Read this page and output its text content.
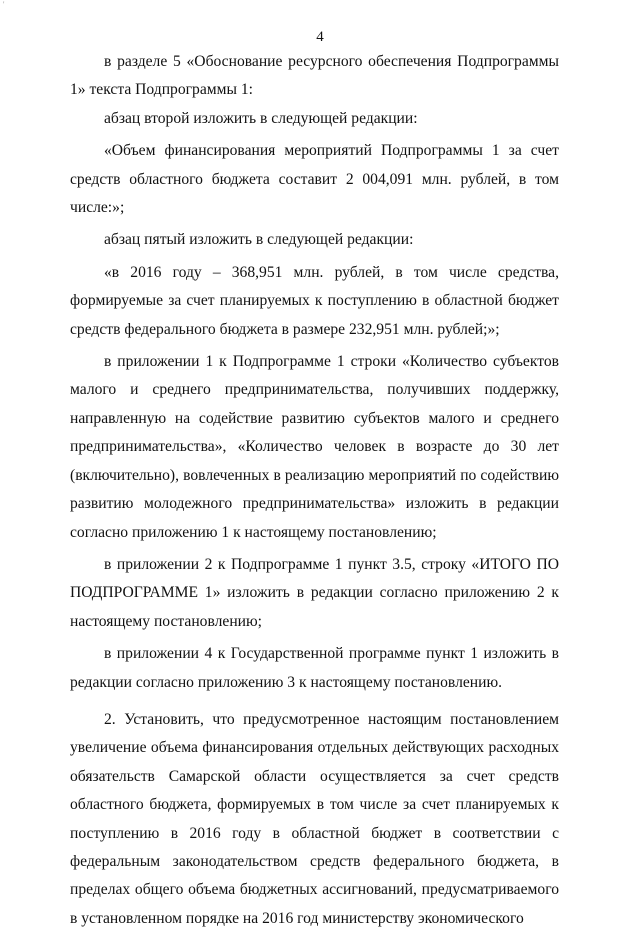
'
4

в разделе 5 «Обоснование ресурсного обеспечения Подпрограммы 1» текста Подпрограммы 1:

абзац второй изложить в следующей редакции:

«Объем финансирования мероприятий Подпрограммы 1 за счет средств областного бюджета составит 2 004,091 млн. рублей, в том числе:»;

абзац пятый изложить в следующей редакции:

«в 2016 году – 368,951 млн. рублей, в том числе средства, формируемые за счет планируемых к поступлению в областной бюджет средств федерального бюджета в размере 232,951 млн. рублей;»;

в приложении 1 к Подпрограмме 1 строки «Количество субъектов малого и среднего предпринимательства, получивших поддержку, направленную на содействие развитию субъектов малого и среднего предпринимательства», «Количество человек в возрасте до 30 лет (включительно), вовлеченных в реализацию мероприятий по содействию развитию молодежного предпринимательства» изложить в редакции согласно приложению 1 к настоящему постановлению;

в приложении 2 к Подпрограмме 1 пункт 3.5, строку «ИТОГО ПО ПОДПРОГРАММЕ 1» изложить в редакции согласно приложению 2 к настоящему постановлению;

в приложении 4 к Государственной программе пункт 1 изложить в редакции согласно приложению 3 к настоящему постановлению.

2. Установить, что предусмотренное настоящим постановлением увеличение объема финансирования отдельных действующих расходных обязательств Самарской области осуществляется за счет средств областного бюджета, формируемых в том числе за счет планируемых к поступлению в 2016 году в областной бюджет в соответствии с федеральным законодательством средств федерального бюджета, в пределах общего объема бюджетных ассигнований, предусматриваемого в установленном порядке на 2016 год министерству экономического
